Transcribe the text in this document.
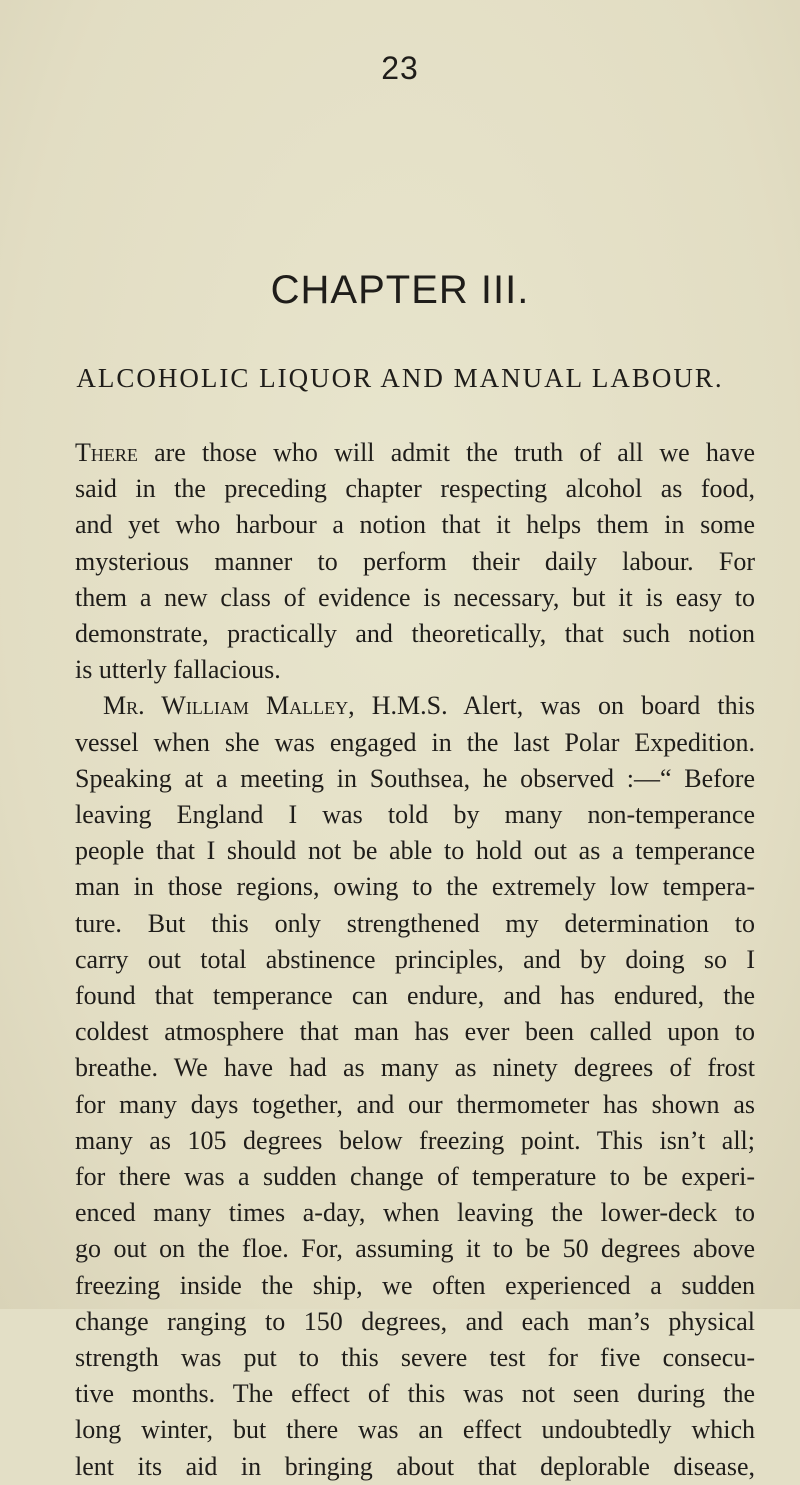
23
CHAPTER III.
ALCOHOLIC LIQUOR AND MANUAL LABOUR.
There are those who will admit the truth of all we have
said in the preceding chapter respecting alcohol as food,
and yet who harbour a notion that it helps them in some
mysterious manner to perform their daily labour. For
them a new class of evidence is necessary, but it is easy to
demonstrate, practically and theoretically, that such notion
is utterly fallacious.
Mr. William Malley, H.M.S. Alert, was on board this
vessel when she was engaged in the last Polar Expedition.
Speaking at a meeting in Southsea, he observed :—“ Before
leaving England I was told by many non-temperance
people that I should not be able to hold out as a temperance
man in those regions, owing to the extremely low tempera-
ture. But this only strengthened my determination to
carry out total abstinence principles, and by doing so I
found that temperance can endure, and has endured, the
coldest atmosphere that man has ever been called upon to
breathe. We have had as many as ninety degrees of frost
for many days together, and our thermometer has shown as
many as 105 degrees below freezing point. This isn’t all;
for there was a sudden change of temperature to be experi-
enced many times a-day, when leaving the lower-deck to
go out on the floe. For, assuming it to be 50 degrees above
freezing inside the ship, we often experienced a sudden
change ranging to 150 degrees, and each man’s physical
strength was put to this severe test for five consecu-
tive months. The effect of this was not seen during the
long winter, but there was an effect undoubtedly which
lent its aid in bringing about that deplorable disease,
